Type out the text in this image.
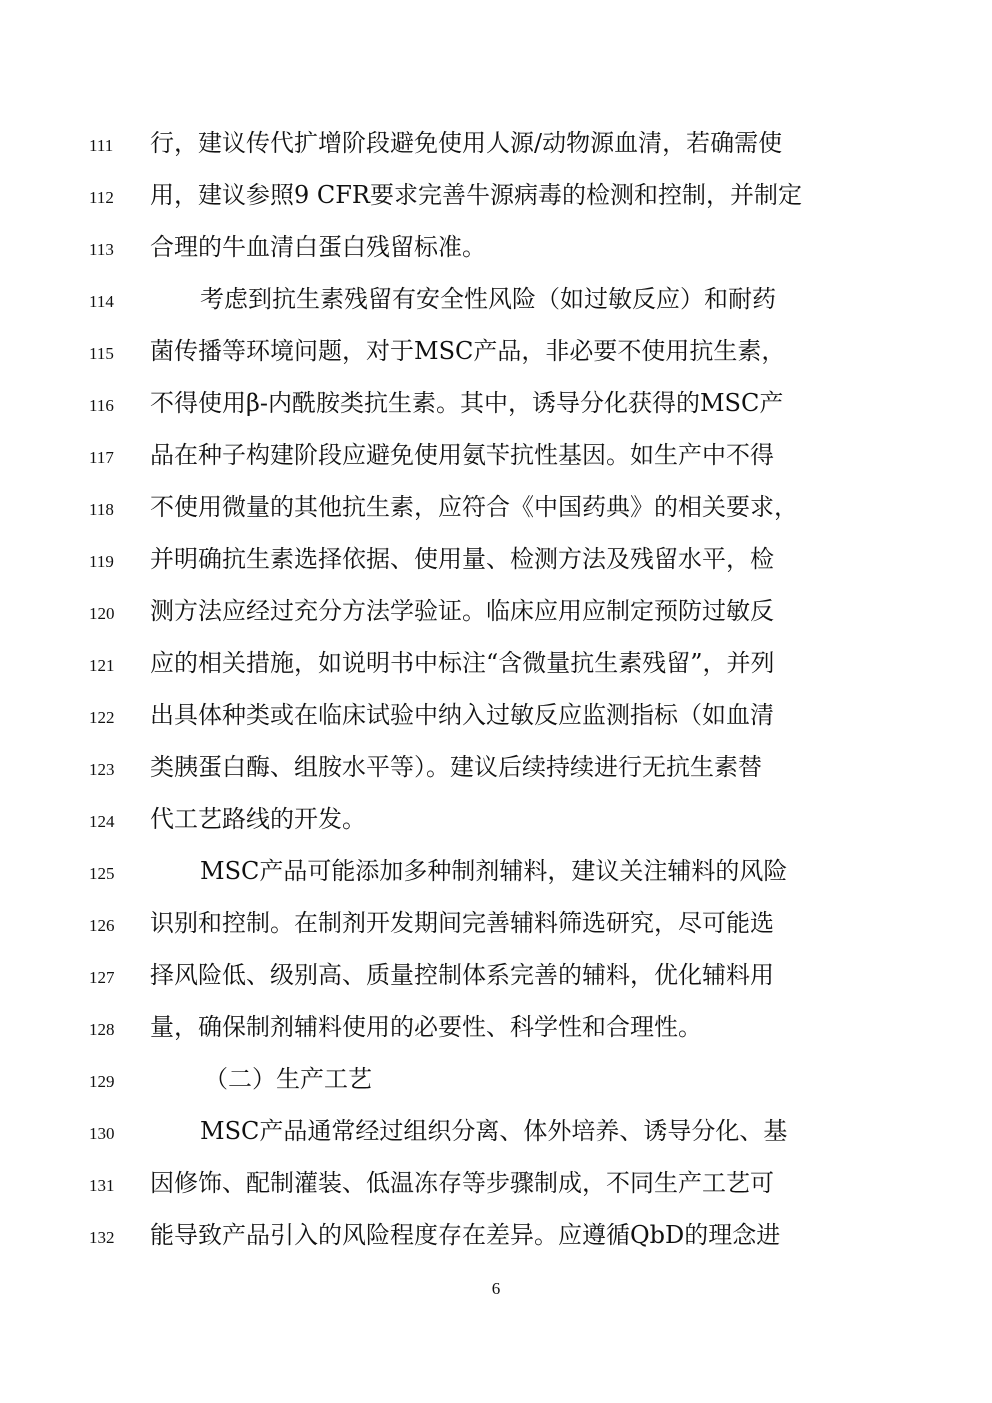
111	行，建议传代扩增阶段避免使用人源/动物源血清，若确需使
112	用，建议参照9 CFR要求完善牛源病毒的检测和控制，并制定
113	合理的牛血清白蛋白残留标准。
114	考虑到抗生素残留有安全性风险（如过敏反应）和耐药
115	菌传播等环境问题，对于MSC产品，非必要不使用抗生素，
116	不得使用β-内酰胺类抗生素。其中，诱导分化获得的MSC产
117	品在种子构建阶段应避免使用氨苄抗性基因。如生产中不得
118	不使用微量的其他抗生素，应符合《中国药典》的相关要求，
119	并明确抗生素选择依据、使用量、检测方法及残留水平，检
120	测方法应经过充分方法学验证。临床应用应制定预防过敏反
121	应的相关措施，如说明书中标注“含微量抗生素残留”，并列
122	出具体种类或在临床试验中纳入过敏反应监测指标（如血清
123	类胰蛋白酶、组胺水平等）。建议后续持续进行无抗生素替
124	代工艺路线的开发。
125	MSC产品可能添加多种制剂辅料，建议关注辅料的风险
126	识别和控制。在制剂开发期间完善辅料筛选研究，尽可能选
127	择风险低、级别高、质量控制体系完善的辅料，优化辅料用
128	量，确保制剂辅料使用的必要性、科学性和合理性。
129	（二）生产工艺
130	MSC产品通常经过组织分离、体外培养、诱导分化、基
131	因修饰、配制灌装、低温冻存等步骤制成，不同生产工艺可
132	能导致产品引入的风险程度存在差异。应遵循QbD的理念进
6
